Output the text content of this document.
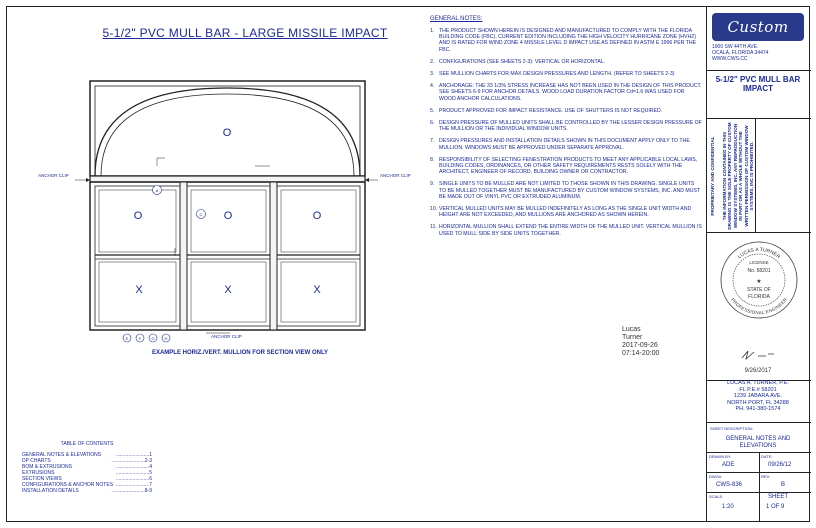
5-1/2" PVC MULL BAR - LARGE MISSILE IMPACT
O
O	O	O
X	X	X
A
C
E	F	G H
ANCHOR CLIP	ANCHOR CLIP
ANCHOR CLIP
EXAMPLE HORIZ./VERT. MULLION FOR SECTION VIEW ONLY
GENERAL NOTES:
1. THE PRODUCT SHOWN HEREIN IS DESIGNED AND MANUFACTURED TO COMPLY WITH THE FLORIDA BUILDING CODE (FBC), CURRENT EDITION INCLUDING THE HIGH VELOCITY HURRICANE ZONE (HVHZ) AND IS RATED FOR WIND ZONE 4 MISSILE LEVEL D IMPACT USE AS DEFINED IN ASTM E 1996 PER THE FBC.
2. CONFIGURATIONS (SEE SHEETS 2-3): VERTICAL OR HORIZONTAL.
3. SEE MULLION CHARTS FOR MAX DESIGN PRESSURES AND LENGTH. (REFER TO SHEETS 2-3)
4. ANCHORAGE: THE 33 1/3% STRESS INCREASE HAS NOT BEEN USED IN THE DESIGN OF THIS PRODUCT. SEE SHEETS 6-9 FOR ANCHOR DETAILS. WOOD LOAD DURATION FACTOR Cd=1.6 WAS USED FOR WOOD ANCHOR CALCULATIONS.
5. PRODUCT APPROVED FOR IMPACT RESISTANCE. USE OF SHUTTERS IS NOT REQUIRED.
6. DESIGN PRESSURE OF MULLED UNITS SHALL BE CONTROLLED BY THE LESSER DESIGN PRESSURE OF THE MULLION OR THE INDIVIDUAL WINDOW UNITS.
7. DESIGN PRESSURES AND INSTALLATION DETAILS SHOWN IN THIS DOCUMENT APPLY ONLY TO THE MULLION. WINDOWS MUST BE APPROVED UNDER SEPARATE APPROVAL.
8. RESPONSIBILITY OF SELECTING FENESTRATION PRODUCTS TO MEET ANY APPLICABLE LOCAL LAWS, BUILDING CODES, ORDINANCES, OR OTHER SAFETY REQUIREMENTS RESTS SOLELY WITH THE ARCHITECT, ENGINEER OF RECORD, BUILDING OWNER OR CONTRACTOR.
9. SINGLE UNITS TO BE MULLED ARE NOT LIMITED TO THOSE SHOWN IN THIS DRAWING. SINGLE UNITS TO BE MULLED TOGETHER MUST BE MANUFACTURED BY CUSTOM WINDOW SYSTEMS, INC. AND MUST BE MADE OUT OF VINYL PVC OR EXTRUDED ALUMINUM.
10. VERTICAL MULLED UNITS MAY BE MULLED INDEFINITELY AS LONG AS THE SINGLE UNIT WIDTH AND HEIGHT ARE NOT EXCEEDED, AND MULLIONS ARE ANCHORED AS SHOWN HEREIN.
11. HORIZONTAL MULLION SHALL EXTEND THE ENTIRE WIDTH OF THE MULLED UNIT. VERTICAL MULLION IS USED TO MULL SIDE BY SIDE UNITS TOGETHER.
Lucas
Turner
2017-09-26
07:14-20:00
TABLE OF CONTENTS
GENERAL NOTES & ELEVATIONS	........................ 1
DP CHARTS	........................ 2-3
BOM & EXTRUSIONS	........................ 4
EXTRUSIONS	........................ 5
SECTION VIEWS	........................ 6
CONFIGURATIONS & ANCHOR NOTES ........................ 7
INSTALLATION DETAILS	........................ 8-9
Custom
WINDOW SYSTEMS
1900 SW 44TH AVE.
OCALA, FLORIDA 34474
WWW.CWS.CC
5-1/2" PVC MULL BAR IMPACT
PROPRIETARY AND CONFIDENTIAL	THE INFORMATION CONTAINED IN THIS DRAWING IS THE SOLE PROPERTY OF CUSTOM WINDOW SYSTEMS, INC. ANY REPRODUCTION IN PART OR AS A WHOLE WITHOUT THE WRITTEN PERMISSION OF CUSTOM WINDOW SYSTEMS, INC IS PROHIBITED.
LUCAS A TURNER
PROFESSIONAL ENGINEER
LICENSE
No. 58201
★
STATE OF
FLORIDA
9/26/2017
LUCAS A. TURNER, P.E.
FL P.E.# 58201
1239 JABARA AVE.
NORTH PORT, FL 34288
PH. 941-380-1574
SHEET DESCRIPTION:
GENERAL NOTES AND ELEVATIONS
DRAWN BY:
ADE
DATE:
09/26/12
DWG#:
CWS-836
REV:
B
SCALE:
1:20
SHEET
1 OF 9
